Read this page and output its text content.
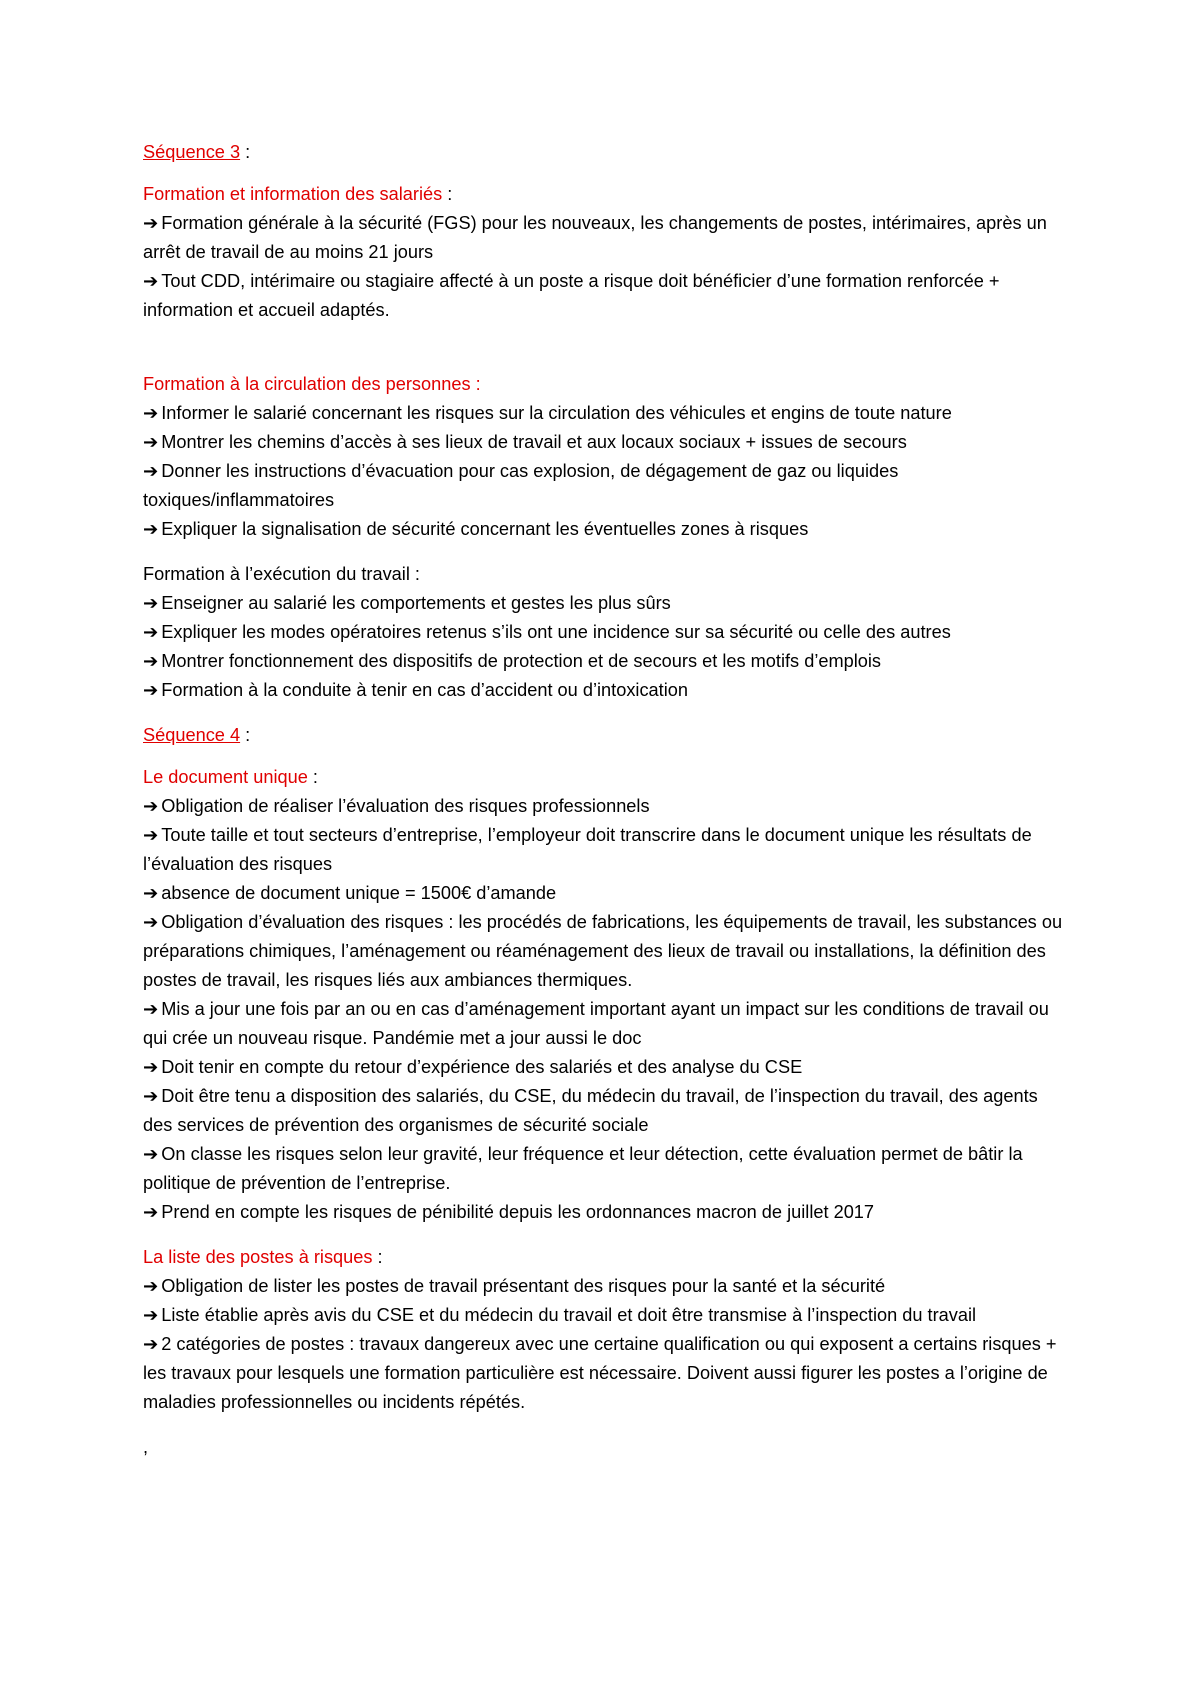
Séquence 3 :

Formation et information des salariés :

➔ Formation générale à la sécurité (FGS) pour les nouveaux, les changements de postes, intérimaires, après un arrêt de travail de au moins 21 jours

➔ Tout CDD, intérimaire ou stagiaire affecté à un poste a risque doit bénéficier d’une formation renforcée + information et accueil adaptés.

Formation à la circulation des personnes :

➔ Informer le salarié concernant les risques sur la circulation des véhicules et engins de toute nature

➔ Montrer les chemins d’accès à ses lieux de travail et aux locaux sociaux + issues de secours

➔ Donner les instructions d’évacuation pour cas explosion, de dégagement de gaz ou liquides toxiques/inflammatoires

➔ Expliquer la signalisation de sécurité concernant les éventuelles zones à risques

Formation à l’exécution du travail :

➔ Enseigner au salarié les comportements et gestes les plus sûrs

➔ Expliquer les modes opératoires retenus s’ils ont une incidence sur sa sécurité ou celle des autres

➔ Montrer fonctionnement des dispositifs de protection et de secours et les motifs d’emplois

➔ Formation à la conduite à tenir en cas d’accident ou d’intoxication

Séquence 4 :

Le document unique :

➔ Obligation de réaliser l’évaluation des risques professionnels

➔ Toute taille et tout secteurs d’entreprise, l’employeur doit transcrire dans le document unique les résultats de l’évaluation des risques

➔ absence de document unique = 1500€ d’amande

➔ Obligation d’évaluation des risques : les procédés de fabrications, les équipements de travail, les substances ou préparations chimiques, l’aménagement ou réaménagement des lieux de travail ou installations, la définition des postes de travail, les risques liés aux ambiances thermiques.

➔ Mis a jour une fois par an ou en cas d’aménagement important ayant un impact sur les conditions de travail ou qui crée un nouveau risque. Pandémie met a jour aussi le doc

➔ Doit tenir en compte du retour d’expérience des salariés et des analyse du CSE

➔ Doit être tenu a disposition des salariés, du CSE, du médecin du travail, de l’inspection du travail, des agents des services de prévention des organismes de sécurité sociale

➔ On classe les risques selon leur gravité, leur fréquence et leur détection, cette évaluation permet de bâtir la politique de prévention de l’entreprise.

➔ Prend en compte les risques de pénibilité depuis les ordonnances macron de juillet 2017

La liste des postes à risques :

➔ Obligation de lister les postes de travail présentant des risques pour la santé et la sécurité

➔ Liste établie après avis du CSE et du médecin du travail et doit être transmise à l’inspection du travail

➔ 2 catégories de postes : travaux dangereux avec une certaine qualification ou qui exposent a certains risques + les travaux pour lesquels une formation particulière est nécessaire. Doivent aussi figurer les postes a l’origine de maladies professionnelles ou incidents répétés.

,
